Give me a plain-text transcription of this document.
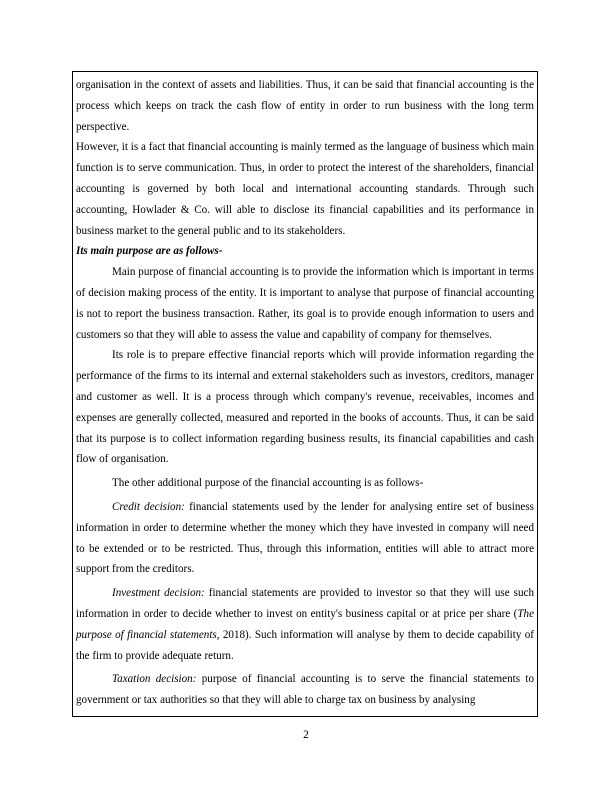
organisation in the context of assets and liabilities. Thus, it can be said that financial accounting is the process which keeps on track the cash flow of entity in order to run business with the long term perspective.

However, it is a fact that financial accounting is mainly termed as the language of business which main function is to serve communication. Thus, in order to protect the interest of the shareholders, financial accounting is governed by both local and international accounting standards. Through such accounting, Howlader & Co. will able to disclose its financial capabilities and its performance in business market to the general public and to its stakeholders.

Its main purpose are as follows-

Main purpose of financial accounting is to provide the information which is important in terms of decision making process of the entity. It is important to analyse that purpose of financial accounting is not to report the business transaction. Rather, its goal is to provide enough information to users and customers so that they will able to assess the value and capability of company for themselves.

Its role is to prepare effective financial reports which will provide information regarding the performance of the firms to its internal and external stakeholders such as investors, creditors, manager and customer as well. It is a process through which company's revenue, receivables, incomes and expenses are generally collected, measured and reported in the books of accounts. Thus, it can be said that its purpose is to collect information regarding business results, its financial capabilities and cash flow of organisation.

The other additional purpose of the financial accounting is as follows-

Credit decision: financial statements used by the lender for analysing entire set of business information in order to determine whether the money which they have invested in company will need to be extended or to be restricted. Thus, through this information, entities will able to attract more support from the creditors.

Investment decision: financial statements are provided to investor so that they will use such information in order to decide whether to invest on entity's business capital or at price per share (The purpose of financial statements, 2018). Such information will analyse by them to decide capability of the firm to provide adequate return.

Taxation decision: purpose of financial accounting is to serve the financial statements to government or tax authorities so that they will able to charge tax on business by analysing

2
